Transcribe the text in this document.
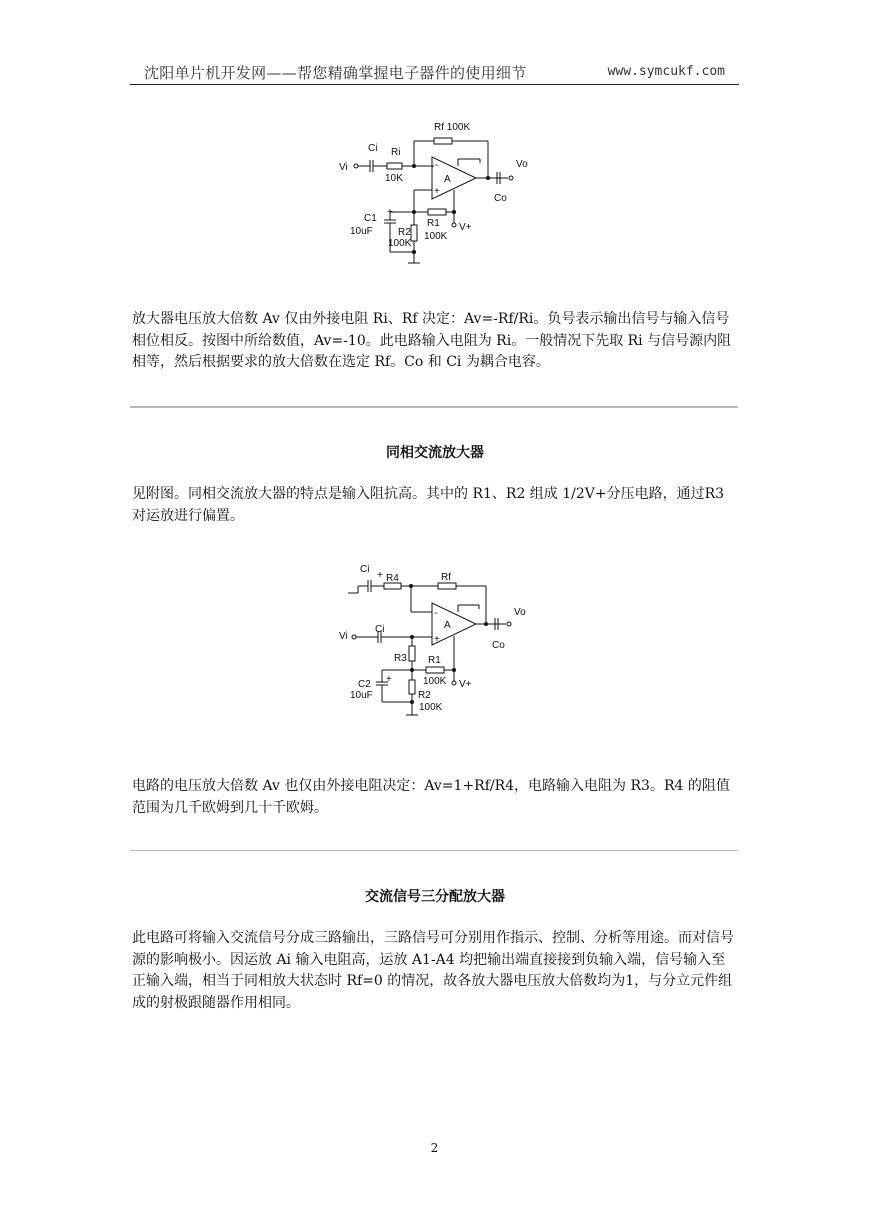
沈阳单片机开发网——帮您精确掌握电子器件的使用细节	www.symcukf.com
Rf 100K
Ci Ri
Vi
10K
Vo
A
-
+
Co
C1
+
10uF
R1
100K
R2
100K
V+

放大器电压放大倍数 Av 仅由外接电阻 Ri、Rf 决定：Av=-Rf/Ri。负号表示输出信号与输入信号相位相反。按图中所给数值，Av=-10。此电路输入电阻为 Ri。一般情况下先取 Ri 与信号源内阻相等，然后根据要求的放大倍数在选定 Rf。Co 和 Ci 为耦合电容。

同相交流放大器

见附图。同相交流放大器的特点是输入阻抗高。其中的 R1、R2 组成 1/2V+分压电路，通过R3 对运放进行偏置。

Ci
R4	Rf
Vo
Vi
Ci	A
-
+
Co
R3 R1
100K V+
C2 +
10uF	R2
100K
+

电路的电压放大倍数 Av 也仅由外接电阻决定：Av=1+Rf/R4，电路输入电阻为 R3。R4 的阻值范围为几千欧姆到几十千欧姆。

交流信号三分配放大器

此电路可将输入交流信号分成三路输出，三路信号可分别用作指示、控制、分析等用途。而对信号源的影响极小。因运放 Ai 输入电阻高，运放 A1-A4 均把输出端直接接到负输入端，信号输入至正输入端，相当于同相放大状态时 Rf=0 的情况，故各放大器电压放大倍数均为1，与分立元件组成的射极跟随器作用相同。

2
